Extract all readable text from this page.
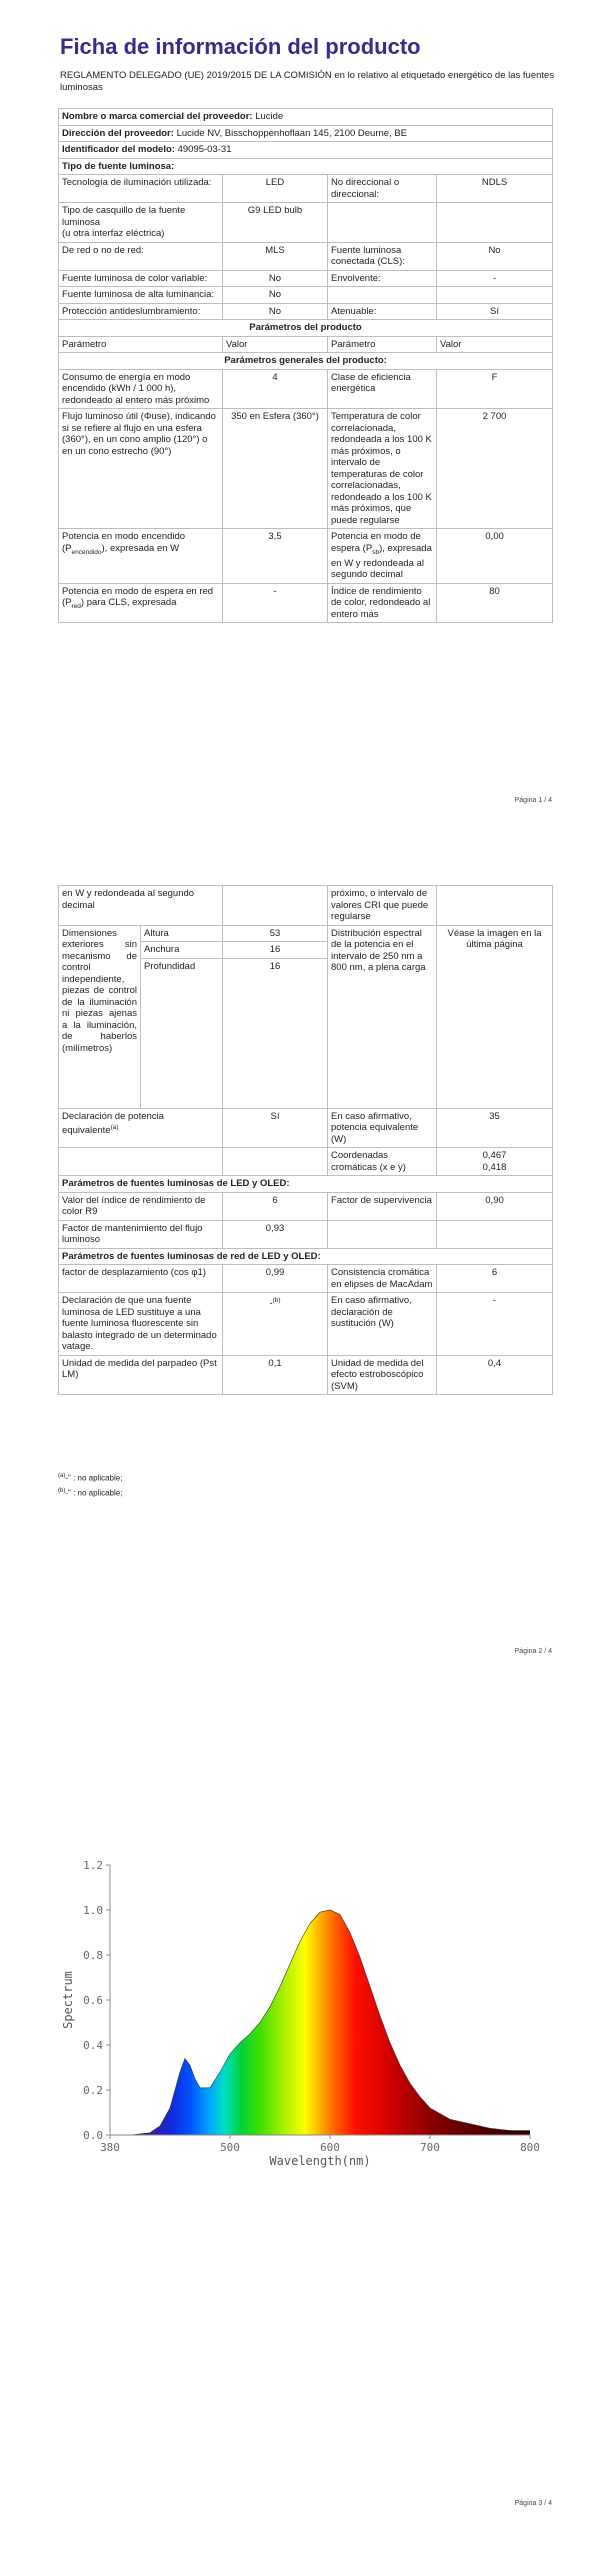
Ficha de información del producto
REGLAMENTO DELEGADO (UE) 2019/2015 DE LA COMISIÓN en lo relativo al etiquetado energético de las fuentes luminosas
Nombre o marca comercial del proveedor: Lucide			
Dirección del proveedor: Lucide NV, Bisschoppenhoflaan 145, 2100 Deurne, BE			
Identificador del modelo: 49095-03-31			
Tipo de fuente luminosa:			
Tecnología de iluminación utilizada:	LED	No direccional o direccional:	NDLS
Tipo de casquillo de la fuente luminosa
(u otra interfaz eléctrica)	G9 LED bulb		
De red o no de red:	MLS	Fuente luminosa conectada (CLS):	No
Fuente luminosa de color variable:	No	Envolvente:	-
Fuente luminosa de alta luminancia:	No		
Protección antideslumbramiento:	No	Atenuable:	Sí
Parámetros del producto			
Parámetro	Valor	Parámetro	Valor
Parámetros generales del producto:			
Consumo de energía en modo encendido (kWh / 1 000 h), redondeado al entero más próximo	4	Clase de eficiencia energética	F
Flujo luminoso útil (Φuse), indicando si se refiere al flujo en una esfera (360°), en un cono amplio (120°) o en un cono estrecho (90°)	350 en Esfera (360°)	Temperatura de color correlacionada, redondeada a los 100 K más próximos, o intervalo de temperaturas de color correlacionadas, redondeado a los 100 K más próximos, que puede regularse	2 700
Potencia en modo encendido $(P_{encendido})$, expresada en W	3,5	Potencia en modo de espera $(P_{sb})$, expresada en W y redondeada al segundo decimal	0,00
Potencia en modo de espera en red $(P_{red})$ para CLS, expresada	-	Índice de rendimiento de color, redondeado al entero más	80
Página 1 / 4
en W y redondeada al segundo decimal			próximo, o intervalo de valores CRI que puede regularse	
Dimensiones exteriores sin mecanismo de control independiente, piezas de control de la iluminación ni piezas ajenas a la iluminación, de haberlos (milímetros)	Altura	53	Distribución espectral de la potencia en el intervalo de 250 nm a 800 nm, a plena carga	Véase la imagen en la última página
	Anchura	16		
	Profundidad	16		
Declaración de potencia equivalente$^{(a)}$		Sí	En caso afirmativo, potencia equivalente (W)	35
			Coordenadas cromáticas (x e y)	0,467
0,418
Parámetros de fuentes luminosas de LED y OLED:				
Valor del índice de rendimiento de color R9		6	Factor de supervivencia	0,90
Factor de mantenimiento del flujo luminoso		0,93		
Parámetros de fuentes luminosas de red de LED y OLED:				
factor de desplazamiento (cos φ1)		0,99	Consistencia cromática en elipses de MacAdam	6
Declaración de que una fuente luminosa de LED sustituye a una fuente luminosa fluorescente sin balasto integrado de un determinado vatage.		-$^{(b)}$	En caso afirmativo, declaración de sustitución (W)	-
Unidad de medida del parpadeo (Pst LM)		0,1	Unidad de medida del efecto estroboscópico (SVM)	0,4
$^{(a)}$-" : no aplicable;
$^{(b)}$-" : no aplicable;
Página 2 / 4
380	500	600	700	800
0.0
0.2
0.4
0.6
0.8
1.0
1.2
Wavelength(nm)
Spectrum
Página 3 / 4
